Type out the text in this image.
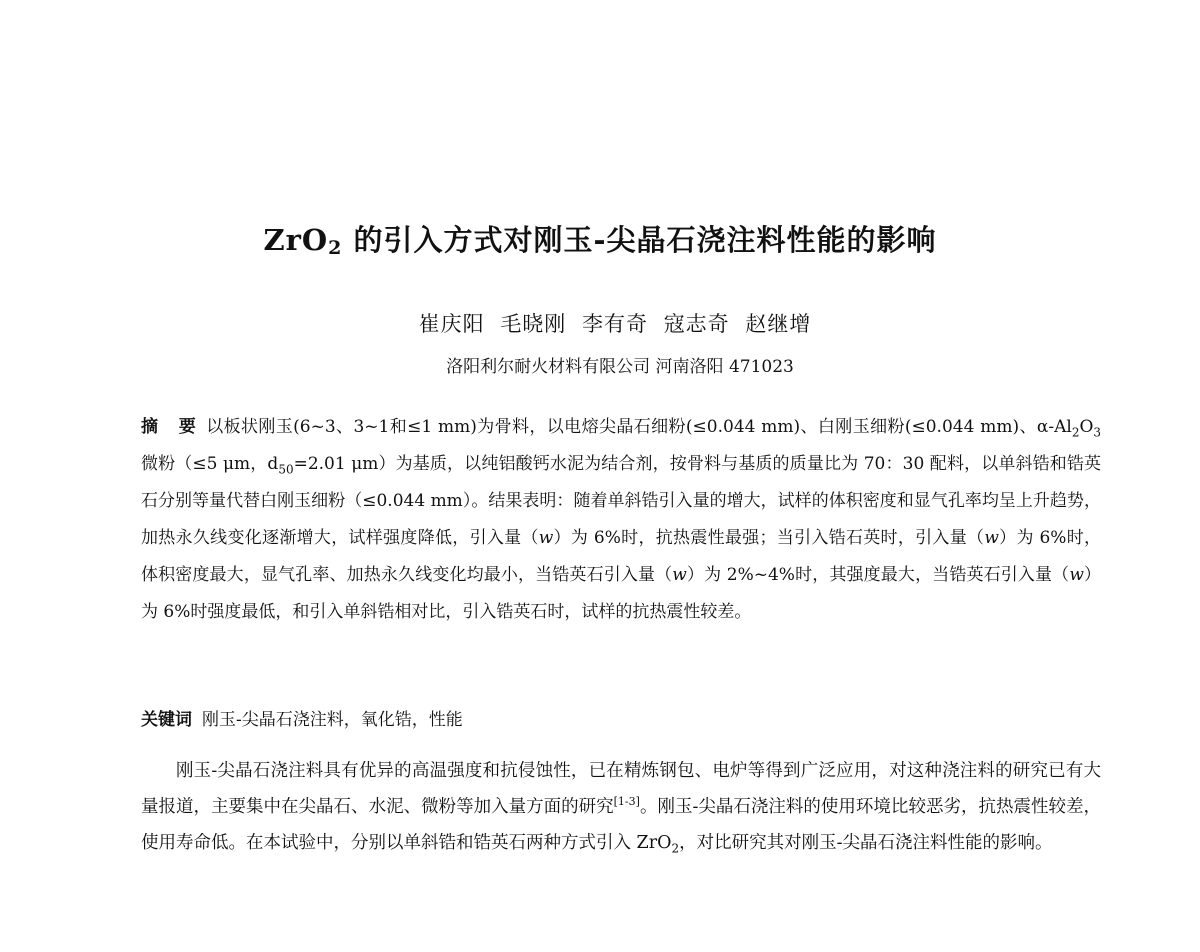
ZrO$_2$ 的引入方式对刚玉-尖晶石浇注料性能的影响
崔庆阳 毛晓刚 李有奇 寇志奇 赵继增
洛阳利尔耐火材料有限公司 河南洛阳 471023
摘 要 以板状刚玉(6~3、3~1和≤1 mm)为骨料，以电熔尖晶石细粉(≤0.044 mm)、白刚玉细粉(≤0.044 mm)、$\alpha-Al_2O_3$微粉（≤5 μm，$d_{50}=2.01$ μm）为基质，以纯铝酸钙水泥为结合剂，按骨料与基质的质量比为 70：30 配料，以单斜锆和锆英石分别等量代替白刚玉细粉（≤0.044 mm）。结果表明：随着单斜锆引入量的增大，试样的体积密度和显气孔率均呈上升趋势，加热永久线变化逐渐增大，试样强度降低，引入量（w）为 6%时，抗热震性最强；当引入锆石英时，引入量（w）为 6%时，体积密度最大，显气孔率、加热永久线变化均最小，当锆英石引入量（w）为 2%~4%时，其强度最大，当锆英石引入量（w）为 6%时强度最低，和引入单斜锆相对比，引入锆英石时，试样的抗热震性较差。
关键词 刚玉-尖晶石浇注料，氧化锆，性能
刚玉-尖晶石浇注料具有优异的高温强度和抗侵蚀性，已在精炼钢包、电炉等得到广泛应用，对这种浇注料的研究已有大量报道，主要集中在尖晶石、水泥、微粉等加入量方面的研究[1-3]。刚玉-尖晶石浇注料的使用环境比较恶劣，抗热震性较差，使用寿命低。在本试验中，分别以单斜锆和锆英石两种方式引入 ZrO$_2$，对比研究其对刚玉-尖晶石浇注料性能的影响。
